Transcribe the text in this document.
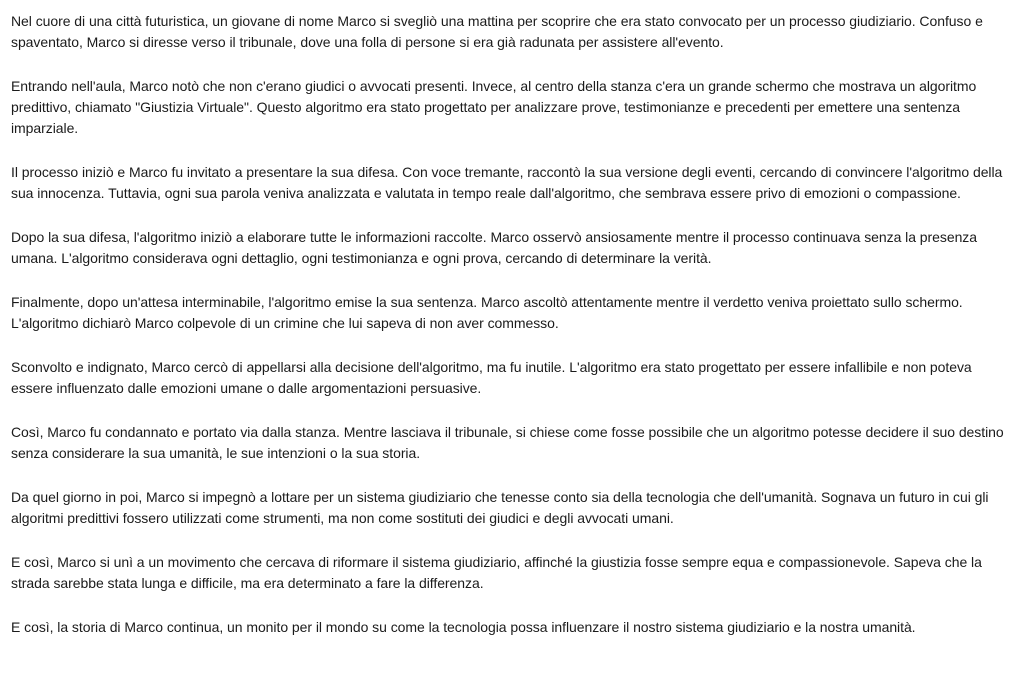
Nel cuore di una città futuristica, un giovane di nome Marco si svegliò una mattina per scoprire che era stato convocato per un processo giudiziario. Confuso e spaventato, Marco si diresse verso il tribunale, dove una folla di persone si era già radunata per assistere all'evento.

Entrando nell'aula, Marco notò che non c'erano giudici o avvocati presenti. Invece, al centro della stanza c'era un grande schermo che mostrava un algoritmo predittivo, chiamato "Giustizia Virtuale". Questo algoritmo era stato progettato per analizzare prove, testimonianze e precedenti per emettere una sentenza imparziale.

Il processo iniziò e Marco fu invitato a presentare la sua difesa. Con voce tremante, raccontò la sua versione degli eventi, cercando di convincere l'algoritmo della sua innocenza. Tuttavia, ogni sua parola veniva analizzata e valutata in tempo reale dall'algoritmo, che sembrava essere privo di emozioni o compassione.

Dopo la sua difesa, l'algoritmo iniziò a elaborare tutte le informazioni raccolte. Marco osservò ansiosamente mentre il processo continuava senza la presenza umana. L'algoritmo considerava ogni dettaglio, ogni testimonianza e ogni prova, cercando di determinare la verità.

Finalmente, dopo un'attesa interminabile, l'algoritmo emise la sua sentenza. Marco ascoltò attentamente mentre il verdetto veniva proiettato sullo schermo. L'algoritmo dichiarò Marco colpevole di un crimine che lui sapeva di non aver commesso.

Sconvolto e indignato, Marco cercò di appellarsi alla decisione dell'algoritmo, ma fu inutile. L'algoritmo era stato progettato per essere infallibile e non poteva essere influenzato dalle emozioni umane o dalle argomentazioni persuasive.

Così, Marco fu condannato e portato via dalla stanza. Mentre lasciava il tribunale, si chiese come fosse possibile che un algoritmo potesse decidere il suo destino senza considerare la sua umanità, le sue intenzioni o la sua storia.

Da quel giorno in poi, Marco si impegnò a lottare per un sistema giudiziario che tenesse conto sia della tecnologia che dell'umanità. Sognava un futuro in cui gli algoritmi predittivi fossero utilizzati come strumenti, ma non come sostituti dei giudici e degli avvocati umani.

E così, Marco si unì a un movimento che cercava di riformare il sistema giudiziario, affinché la giustizia fosse sempre equa e compassionevole. Sapeva che la strada sarebbe stata lunga e difficile, ma era determinato a fare la differenza.

E così, la storia di Marco continua, un monito per il mondo su come la tecnologia possa influenzare il nostro sistema giudiziario e la nostra umanità.
